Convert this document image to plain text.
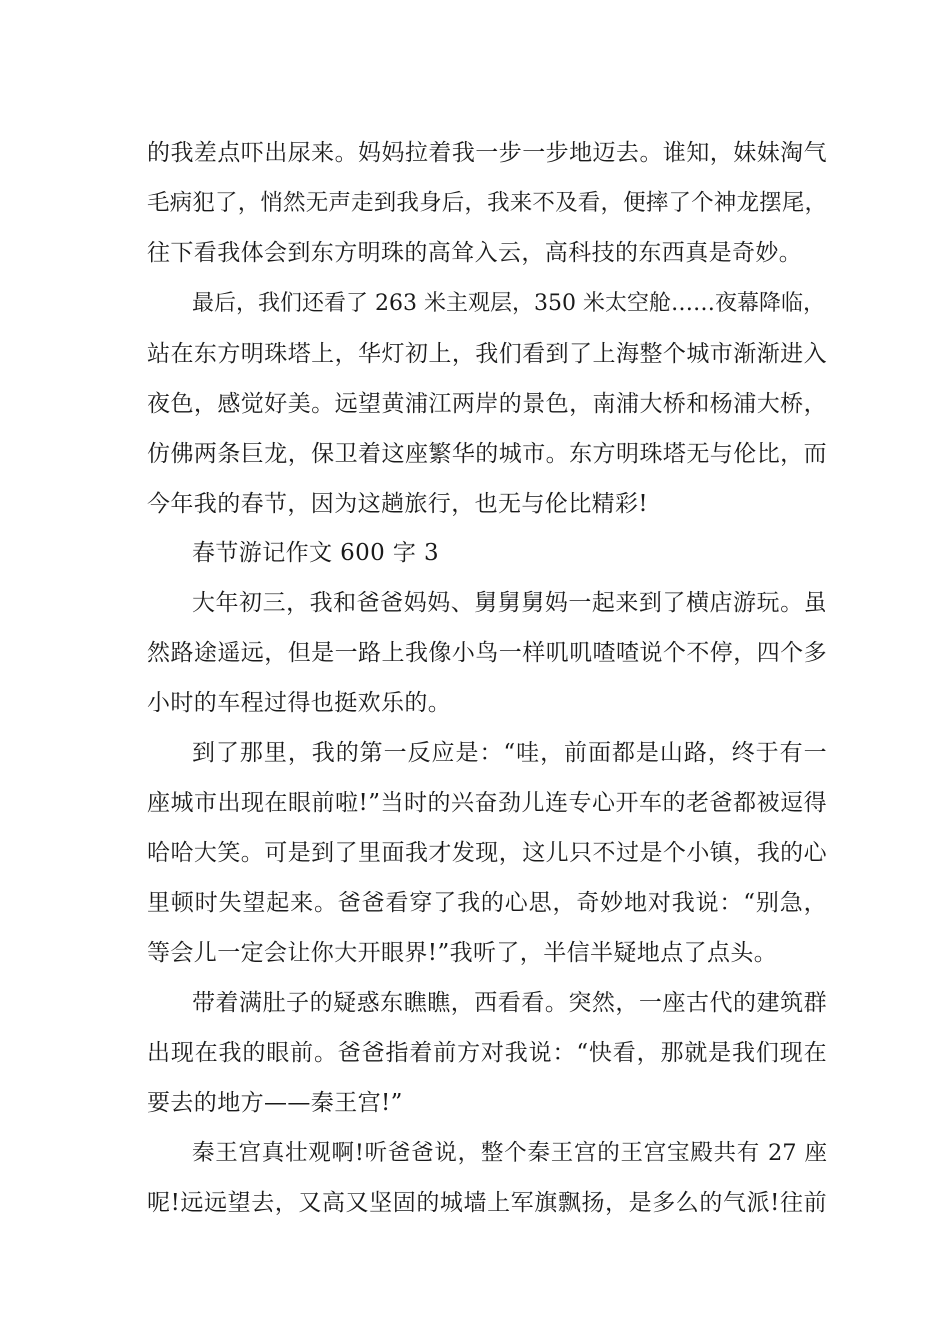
的我差点吓出尿来。妈妈拉着我一步一步地迈去。谁知，妹妹淘气
毛病犯了，悄然无声走到我身后，我来不及看，便摔了个神龙摆尾，
往下看我体会到东方明珠的高耸入云，高科技的东西真是奇妙。
最后，我们还看了 263 米主观层，350 米太空舱……夜幕降临，
站在东方明珠塔上，华灯初上，我们看到了上海整个城市渐渐进入
夜色，感觉好美。远望黄浦江两岸的景色，南浦大桥和杨浦大桥，
仿佛两条巨龙，保卫着这座繁华的城市。东方明珠塔无与伦比，而
今年我的春节，因为这趟旅行，也无与伦比精彩!
春节游记作文 600 字 3
大年初三，我和爸爸妈妈、舅舅舅妈一起来到了横店游玩。虽
然路途遥远，但是一路上我像小鸟一样叽叽喳喳说个不停，四个多
小时的车程过得也挺欢乐的。
到了那里，我的第一反应是：“哇，前面都是山路，终于有一
座城市出现在眼前啦!”当时的兴奋劲儿连专心开车的老爸都被逗得
哈哈大笑。可是到了里面我才发现，这儿只不过是个小镇，我的心
里顿时失望起来。爸爸看穿了我的心思，奇妙地对我说：“别急，
等会儿一定会让你大开眼界!”我听了，半信半疑地点了点头。
带着满肚子的疑惑东瞧瞧，西看看。突然，一座古代的建筑群
出现在我的眼前。爸爸指着前方对我说：“快看，那就是我们现在
要去的地方——秦王宫!”
秦王宫真壮观啊!听爸爸说，整个秦王宫的王宫宝殿共有 27 座
呢!远远望去，又高又坚固的城墙上军旗飘扬，是多么的气派!往前
